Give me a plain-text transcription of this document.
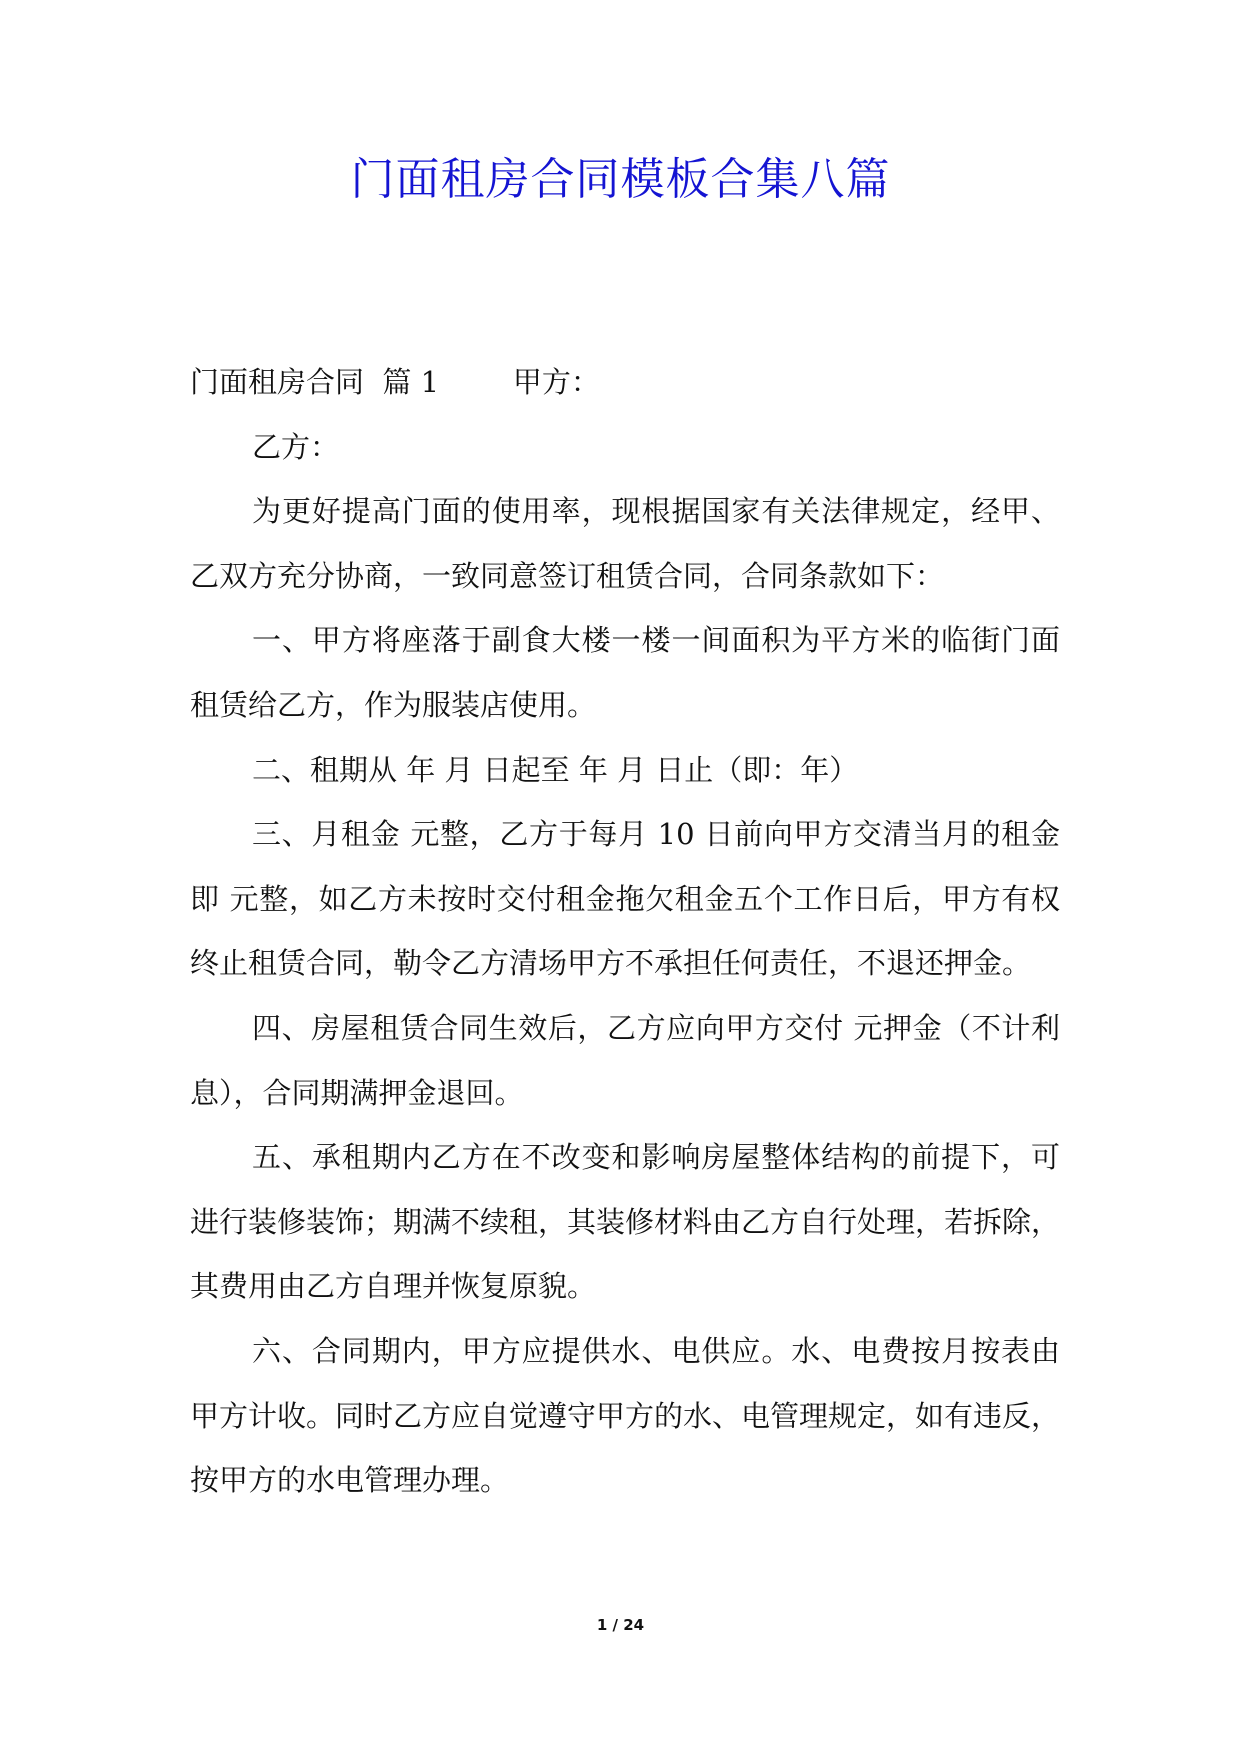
门面租房合同模板合集八篇

门面租房合同  篇 1        甲方：

乙方：

为更好提高门面的使用率，现根据国家有关法律规定，经甲、乙双方充分协商，一致同意签订租赁合同，合同条款如下：

一、甲方将座落于副食大楼一楼一间面积为平方米的临街门面租赁给乙方，作为服装店使用。

二、租期从 年 月 日起至 年 月 日止（即：年）

三、月租金 元整，乙方于每月 10 日前向甲方交清当月的租金即 元整，如乙方未按时交付租金拖欠租金五个工作日后，甲方有权终止租赁合同，勒令乙方清场甲方不承担任何责任，不退还押金。

四、房屋租赁合同生效后，乙方应向甲方交付 元押金（不计利息），合同期满押金退回。

五、承租期内乙方在不改变和影响房屋整体结构的前提下，可进行装修装饰；期满不续租，其装修材料由乙方自行处理，若拆除，其费用由乙方自理并恢复原貌。

六、合同期内，甲方应提供水、电供应。水、电费按月按表由甲方计收。同时乙方应自觉遵守甲方的水、电管理规定，如有违反，按甲方的水电管理办理。

1 / 24
